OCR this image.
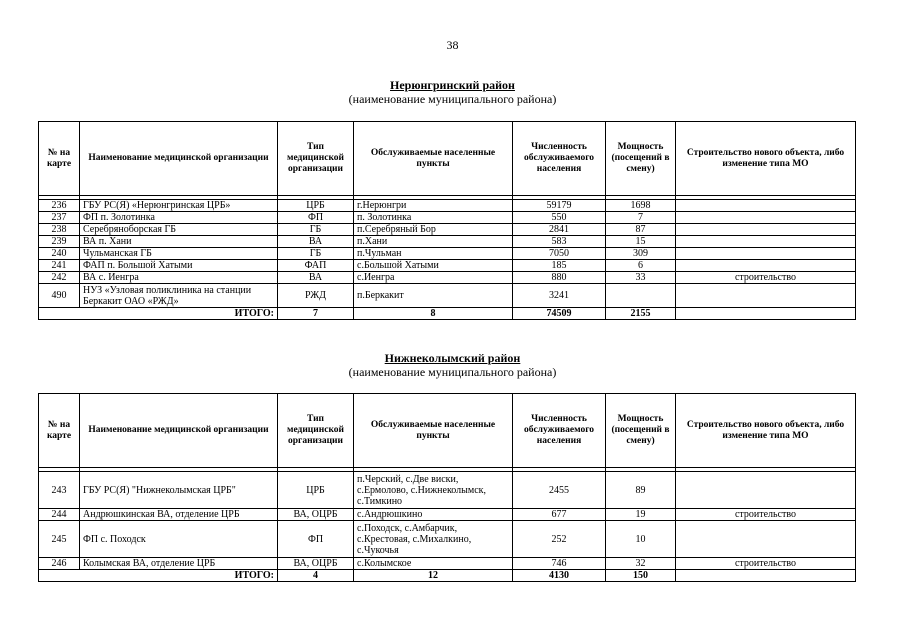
38
Нерюнгринский район
(наименование муниципального района)
№ на карте	Наименование медицинской организации	Тип медицинской организации	Обслуживаемые населенные пункты	Численность обслуживаемого населения	Мощность (посещений в смену)	Строительство нового объекта, либо изменение типа МО

236	ГБУ РС(Я) «Нерюнгринская ЦРБ»	ЦРБ	г.Нерюнгри	59179	1698	
237	ФП п. Золотинка	ФП	п. Золотинка	550	7	
238	Серебряноборская ГБ	ГБ	п.Серебряный Бор	2841	87	
239	ВА п. Хани	ВА	п.Хани	583	15	
240	Чульманская ГБ	ГБ	п.Чульман	7050	309	
241	ФАП п. Большой Хатыми	ФАП	с.Большой Хатыми	185	6	
242	ВА с. Иенгра	ВА	с.Иенгра	880	33	строительство
490	НУЗ «Узловая поликлиника на станции Беркакит ОАО «РЖД»	РЖД	п.Беркакит	3241		
ИТОГО:		7	8	74509	2155	
Нижнеколымский район
(наименование муниципального района)
№ на карте	Наименование медицинской организации	Тип медицинской организации	Обслуживаемые населенные пункты	Численность обслуживаемого населения	Мощность (посещений в смену)	Строительство нового объекта, либо изменение типа МО

243	ГБУ РС(Я) "Нижнеколымская ЦРБ"	ЦРБ	п.Черский, с.Две виски, с.Ермолово, с.Нижнеколымск, с.Тимкино	2455	89	
244	Андрюшкинская ВА, отделение ЦРБ	ВА, ОЦРБ	с.Андрюшкино	677	19	строительство
245	ФП с. Походск	ФП	с.Походск, с.Амбарчик, с.Крестовая, с.Михалкино, с.Чукочья	252	10	
246	Колымская ВА, отделение ЦРБ	ВА, ОЦРБ	с.Колымское	746	32	строительство
ИТОГО:		4	12	4130	150	
